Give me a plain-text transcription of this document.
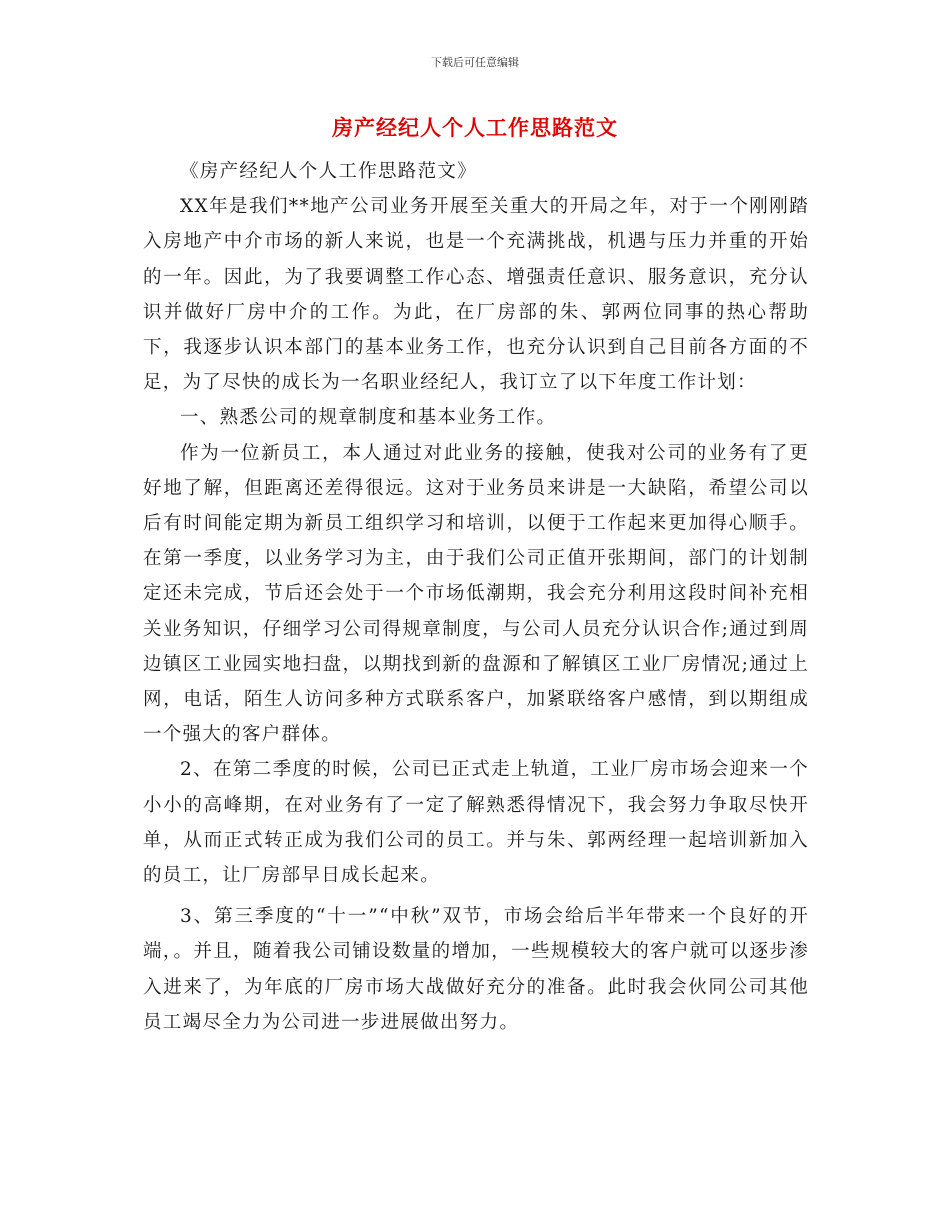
下载后可任意编辑
房产经纪人个人工作思路范文

《房产经纪人个人工作思路范文》

XX年是我们**地产公司业务开展至关重大的开局之年，对于一个刚刚踏入房地产中介市场的新人来说，也是一个充满挑战，机遇与压力并重的开始的一年。因此，为了我要调整工作心态、增强责任意识、服务意识，充分认识并做好厂房中介的工作。为此，在厂房部的朱、郭两位同事的热心帮助下，我逐步认识本部门的基本业务工作，也充分认识到自己目前各方面的不足，为了尽快的成长为一名职业经纪人，我订立了以下年度工作计划：

一、熟悉公司的规章制度和基本业务工作。

作为一位新员工，本人通过对此业务的接触，使我对公司的业务有了更好地了解，但距离还差得很远。这对于业务员来讲是一大缺陷，希望公司以后有时间能定期为新员工组织学习和培训，以便于工作起来更加得心顺手。 在第一季度，以业务学习为主，由于我们公司正值开张期间，部门的计划制定还未完成，节后还会处于一个市场低潮期，我会充分利用这段时间补充相关业务知识，仔细学习公司得规章制度，与公司人员充分认识合作;通过到周边镇区工业园实地扫盘，以期找到新的盘源和了解镇区工业厂房情况;通过上网，电话，陌生人访问多种方式联系客户，加紧联络客户感情，到以期组成一个强大的客户群体。

2、在第二季度的时候，公司已正式走上轨道，工业厂房市场会迎来一个小小的高峰期，在对业务有了一定了解熟悉得情况下，我会努力争取尽快开单，从而正式转正成为我们公司的员工。并与朱、郭两经理一起培训新加入的员工，让厂房部早日成长起来。

3、第三季度的“十一”“中秋”双节，市场会给后半年带来一个良好的开端，。并且，随着我公司铺设数量的增加，一些规模较大的客户就可以逐步渗入进来了，为年底的厂房市场大战做好充分的准备。此时我会伙同公司其他员工竭尽全力为公司进一步进展做出努力。
